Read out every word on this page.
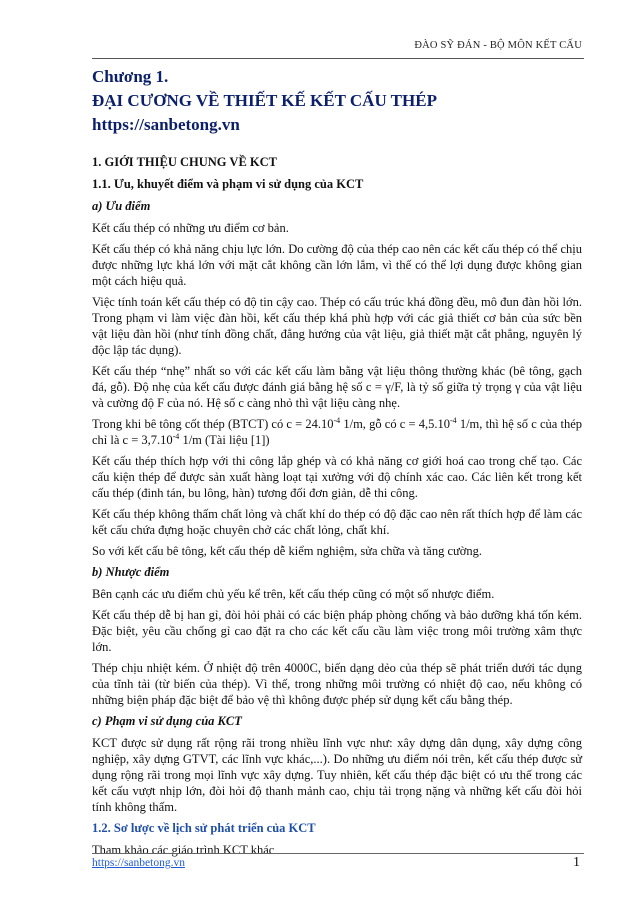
ĐÀO SỸ ĐÁN - BỘ MÔN KẾT CẤU
Chương 1.
ĐẠI CƯƠNG VỀ THIẾT KẾ KẾT CẤU THÉP
https://sanbetong.vn
1. GIỚI THIỆU CHUNG VỀ KCT
1.1. Ưu, khuyết điểm và phạm vi sử dụng của KCT
a) Ưu điểm

Kết cấu thép có những ưu điểm cơ bản.

Kết cấu thép có khả năng chịu lực lớn. Do cường độ của thép cao nên các kết cấu thép có thể chịu được những lực khá lớn với mặt cắt không cần lớn lắm, vì thế có thể lợi dụng được không gian một cách hiệu quả.

Việc tính toán kết cấu thép có độ tin cậy cao. Thép có cấu trúc khá đồng đều, mô đun đàn hồi lớn. Trong phạm vi làm việc đàn hồi, kết cấu thép khá phù hợp với các giả thiết cơ bản của sức bền vật liệu đàn hồi (như tính đồng chất, đẳng hướng của vật liệu, giả thiết mặt cắt phẳng, nguyên lý độc lập tác dụng).

Kết cấu thép “nhẹ” nhất so với các kết cấu làm bằng vật liệu thông thường khác (bê tông, gạch đá, gỗ). Độ nhẹ của kết cấu được đánh giá bằng hệ số c = γ/F, là tỷ số giữa tỷ trọng γ của vật liệu và cường độ F của nó. Hệ số c càng nhỏ thì vật liệu càng nhẹ.

Trong khi bê tông cốt thép (BTCT) có $c = 24.10^{-4}$ 1/m, gỗ có $c = 4,5.10^{-4}$ 1/m, thì hệ số c của thép chỉ là $c = 3,7.10^{-4}$ 1/m (Tài liệu [1])

Kết cấu thép thích hợp với thi công lắp ghép và có khả năng cơ giới hoá cao trong chế tạo. Các cấu kiện thép để được sản xuất hàng loạt tại xưởng với độ chính xác cao. Các liên kết trong kết cấu thép (đinh tán, bu lông, hàn) tương đối đơn giản, dễ thi công.

Kết cấu thép không thấm chất lỏng và chất khí do thép có độ đặc cao nên rất thích hợp để làm các kết cấu chứa đựng hoặc chuyên chở các chất lỏng, chất khí.

So với kết cấu bê tông, kết cấu thép dễ kiểm nghiệm, sửa chữa và tăng cường.

b) Nhược điểm

Bên cạnh các ưu điểm chủ yếu kể trên, kết cấu thép cũng có một số nhược điểm.

Kết cấu thép dễ bị han gỉ, đòi hỏi phải có các biện pháp phòng chống và bảo dưỡng khá tốn kém. Đặc biệt, yêu cầu chống gỉ cao đặt ra cho các kết cấu cầu làm việc trong môi trường xâm thực lớn.

Thép chịu nhiệt kém. Ở nhiệt độ trên 4000C, biến dạng dẻo của thép sẽ phát triển dưới tác dụng của tĩnh tải (từ biến của thép). Vì thế, trong những môi trường có nhiệt độ cao, nếu không có những biện pháp đặc biệt để bảo vệ thì không được phép sử dụng kết cấu bằng thép.

c) Phạm vi sử dụng của KCT

KCT được sử dụng rất rộng rãi trong nhiều lĩnh vực như: xây dựng dân dụng, xây dựng công nghiệp, xây dựng GTVT, các lĩnh vực khác,...). Do những ưu điểm nói trên, kết cấu thép được sử dụng rộng rãi trong mọi lĩnh vực xây dựng. Tuy nhiên, kết cấu thép đặc biệt có ưu thế trong các kết cấu vượt nhịp lớn, đòi hỏi độ thanh mảnh cao, chịu tải trọng nặng và những kết cấu đòi hỏi tính không thấm.

1.2. Sơ lược về lịch sử phát triển của KCT

Tham khảo các giáo trình KCT khác

https://sanbetong.vn	1
